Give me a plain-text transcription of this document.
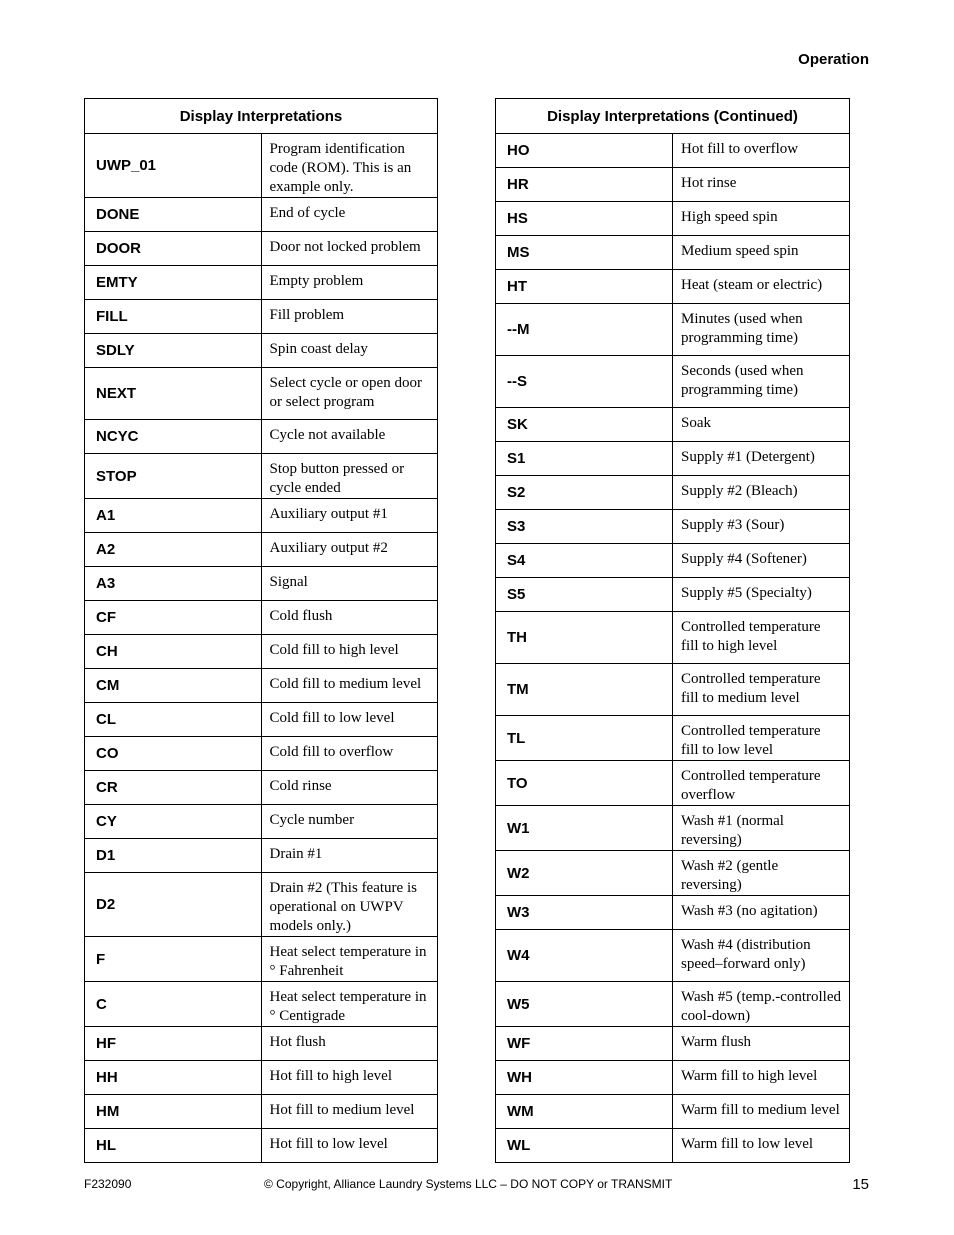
Operation
Display Interpretations	
UWP_01	Program identification code (ROM). This is an example only.
DONE	End of cycle
DOOR	Door not locked problem
EMTY	Empty problem
FILL	Fill problem
SDLY	Spin coast delay
NEXT	Select cycle or open door or select program
NCYC	Cycle not available
STOP	Stop button pressed or cycle ended
A1	Auxiliary output #1
A2	Auxiliary output #2
A3	Signal
CF	Cold flush
CH	Cold fill to high level
CM	Cold fill to medium level
CL	Cold fill to low level
CO	Cold fill to overflow
CR	Cold rinse
CY	Cycle number
D1	Drain #1
D2	Drain #2 (This feature is operational on UWPV models only.)
F	Heat select temperature in ° Fahrenheit
C	Heat select temperature in ° Centigrade
HF	Hot flush
HH	Hot fill to high level
HM	Hot fill to medium level
HL	Hot fill to low level
Display Interpretations (Continued)	
HO	Hot fill to overflow
HR	Hot rinse
HS	High speed spin
MS	Medium speed spin
HT	Heat (steam or electric)
--M	Minutes (used when programming time)
--S	Seconds (used when programming time)
SK	Soak
S1	Supply #1 (Detergent)
S2	Supply #2 (Bleach)
S3	Supply #3 (Sour)
S4	Supply #4 (Softener)
S5	Supply #5 (Specialty)
TH	Controlled temperature fill to high level
TM	Controlled temperature fill to medium level
TL	Controlled temperature fill to low level
TO	Controlled temperature overflow
W1	Wash #1 (normal reversing)
W2	Wash #2 (gentle reversing)
W3	Wash #3 (no agitation)
W4	Wash #4 (distribution speed–forward only)
W5	Wash #5 (temp.-controlled cool-down)
WF	Warm flush
WH	Warm fill to high level
WM	Warm fill to medium level
WL	Warm fill to low level
F232090	© Copyright, Alliance Laundry Systems LLC – DO NOT COPY or TRANSMIT	15
